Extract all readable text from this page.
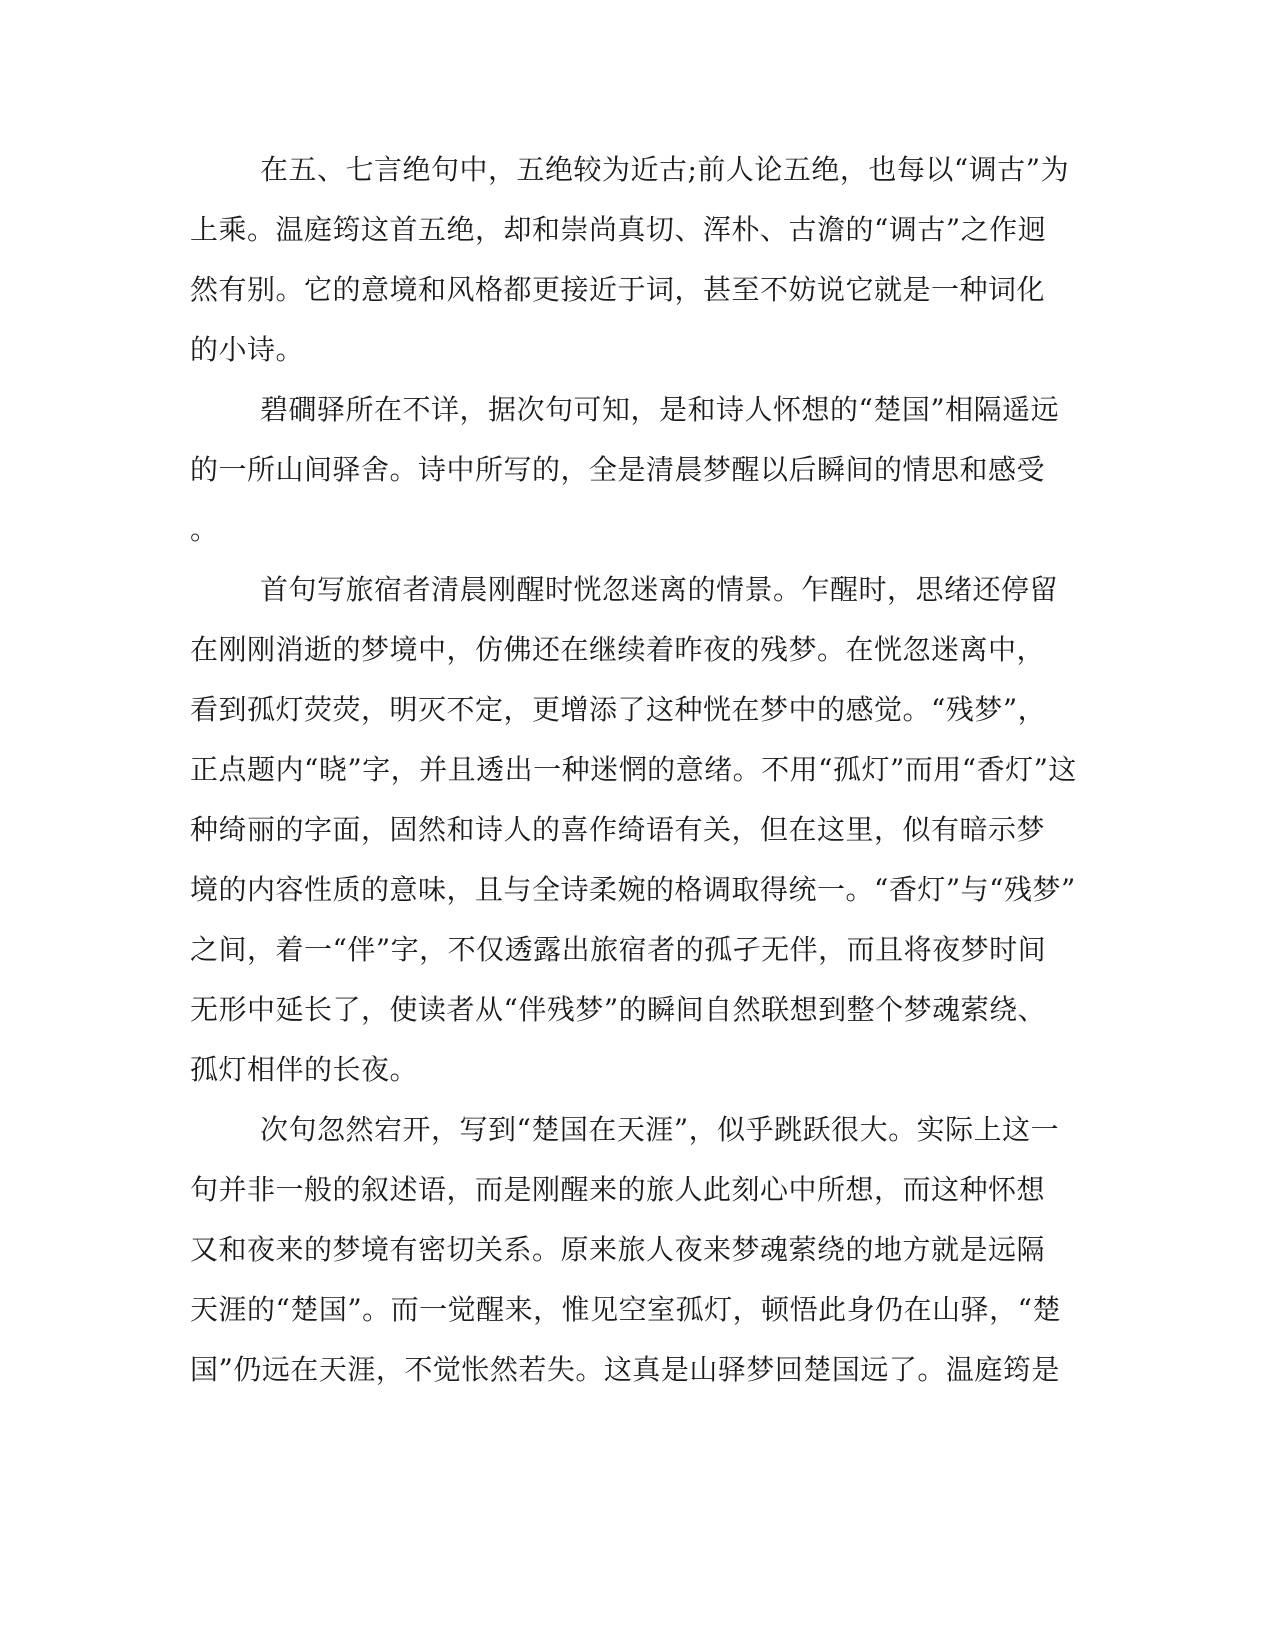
在五、七言绝句中，五绝较为近古;前人论五绝，也每以“调古”为
上乘。温庭筠这首五绝，却和崇尚真切、浑朴、古澹的“调古”之作迥
然有别。它的意境和风格都更接近于词，甚至不妨说它就是一种词化
的小诗。
碧磵驿所在不详，据次句可知，是和诗人怀想的“楚国”相隔遥远
的一所山间驿舍。诗中所写的，全是清晨梦醒以后瞬间的情思和感受
。
首句写旅宿者清晨刚醒时恍忽迷离的情景。乍醒时，思绪还停留
在刚刚消逝的梦境中，仿佛还在继续着昨夜的残梦。在恍忽迷离中，
看到孤灯荧荧，明灭不定，更增添了这种恍在梦中的感觉。“残梦”，
正点题内“晓”字，并且透出一种迷惘的意绪。不用“孤灯”而用“香灯”这
种绮丽的字面，固然和诗人的喜作绮语有关，但在这里，似有暗示梦
境的内容性质的意味，且与全诗柔婉的格调取得统一。“香灯”与“残梦”
之间，着一“伴”字，不仅透露出旅宿者的孤孑无伴，而且将夜梦时间
无形中延长了，使读者从“伴残梦”的瞬间自然联想到整个梦魂萦绕、
孤灯相伴的长夜。
次句忽然宕开，写到“楚国在天涯”，似乎跳跃很大。实际上这一
句并非一般的叙述语，而是刚醒来的旅人此刻心中所想，而这种怀想
又和夜来的梦境有密切关系。原来旅人夜来梦魂萦绕的地方就是远隔
天涯的“楚国”。而一觉醒来，惟见空室孤灯，顿悟此身仍在山驿，“楚
国”仍远在天涯，不觉怅然若失。这真是山驿梦回楚国远了。温庭筠是
